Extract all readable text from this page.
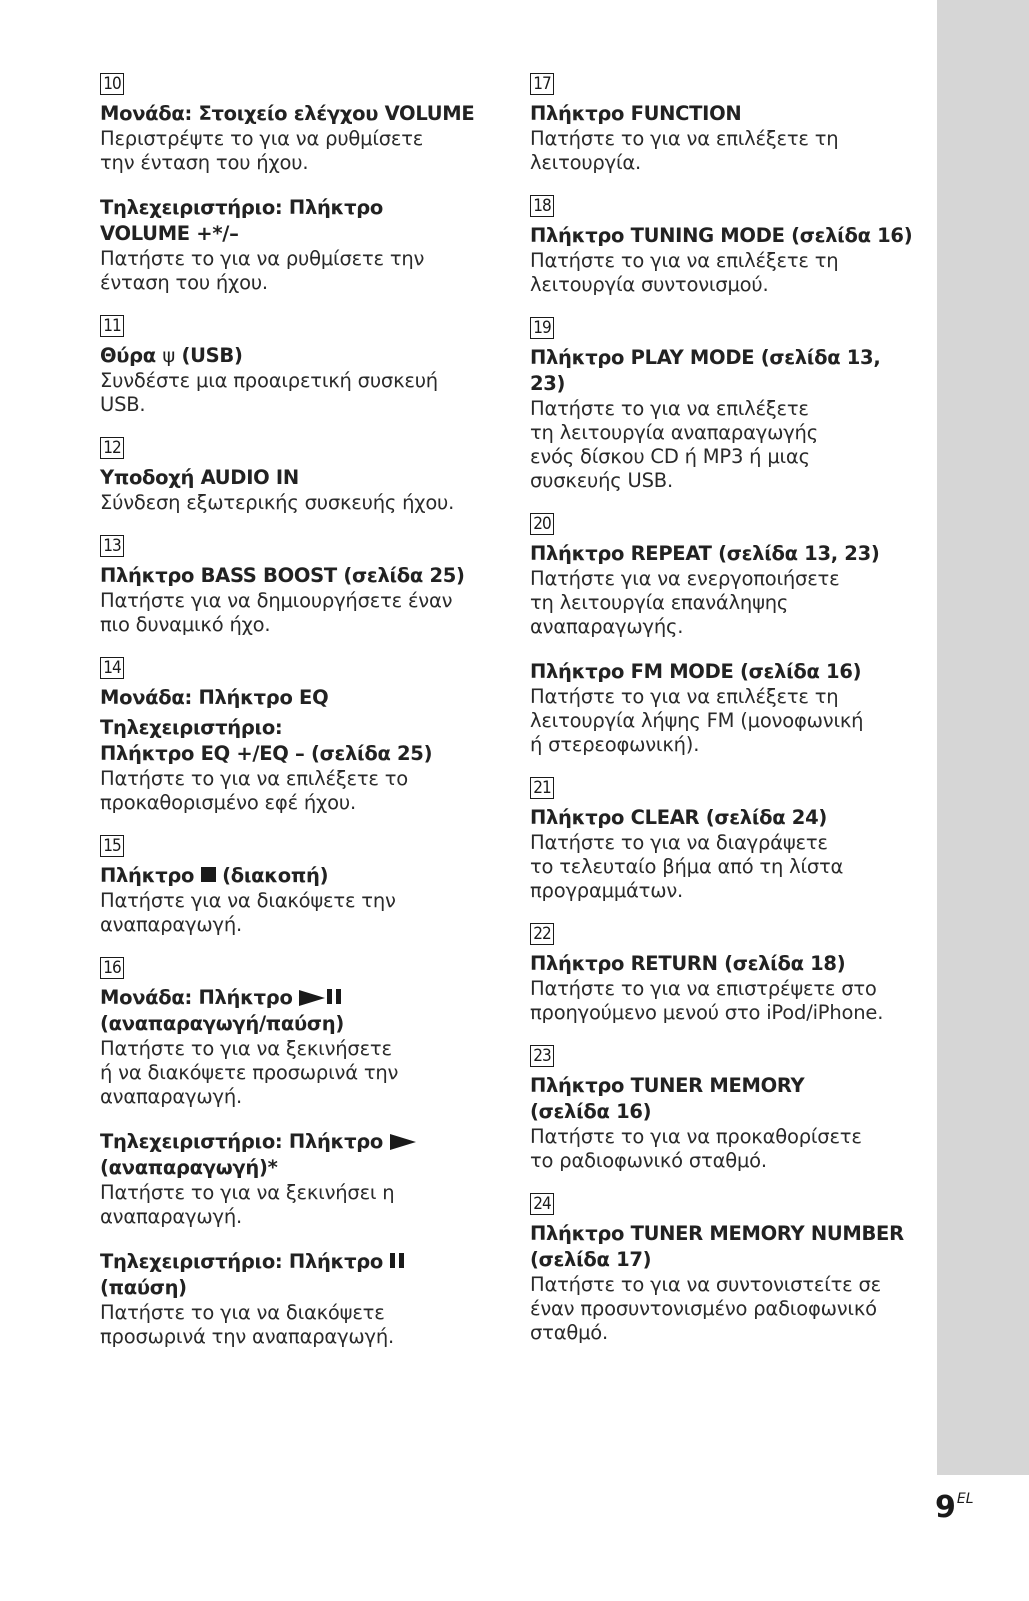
10
Μονάδα: Στοιχείο ελέγχου VOLUME
Περιστρέψτε το για να ρυθμίσετε
την ένταση του ήχου.
Τηλεχειριστήριο: Πλήκτρο
VOLUME +*/–
Πατήστε το για να ρυθμίσετε την
ένταση του ήχου.
11
Θύρα ψ (USB)
Συνδέστε μια προαιρετική συσκευή
USB.
12
Υποδοχή AUDIO IN
Σύνδεση εξωτερικής συσκευής ήχου.
13
Πλήκτρο BASS BOOST (σελίδα 25)
Πατήστε για να δημιουργήσετε έναν
πιο δυναμικό ήχο.
14
Μονάδα: Πλήκτρο EQ
Τηλεχειριστήριο:
Πλήκτρο EQ +/EQ – (σελίδα 25)
Πατήστε το για να επιλέξετε το
προκαθορισμένο εφέ ήχου.
15
Πλήκτρο (διακοπή)
Πατήστε για να διακόψετε την
αναπαραγωγή.
16
Μονάδα: Πλήκτρο
(αναπαραγωγή/παύση)
Πατήστε το για να ξεκινήσετε
ή να διακόψετε προσωρινά την
αναπαραγωγή.
Τηλεχειριστήριο: Πλήκτρο
(αναπαραγωγή)*
Πατήστε το για να ξεκινήσει η
αναπαραγωγή.
Τηλεχειριστήριο: Πλήκτρο
(παύση)
Πατήστε το για να διακόψετε
προσωρινά την αναπαραγωγή.
17
Πλήκτρο FUNCTION
Πατήστε το για να επιλέξετε τη
λειτουργία.
18
Πλήκτρο TUNING MODE (σελίδα 16)
Πατήστε το για να επιλέξετε τη
λειτουργία συντονισμού.
19
Πλήκτρο PLAY MODE (σελίδα 13, 23)
Πατήστε το για να επιλέξετε
τη λειτουργία αναπαραγωγής
ενός δίσκου CD ή MP3 ή μιας
συσκευής USB.
20
Πλήκτρο REPEAT (σελίδα 13, 23)
Πατήστε για να ενεργοποιήσετε
τη λειτουργία επανάληψης
αναπαραγωγής.
Πλήκτρο FM MODE (σελίδα 16)
Πατήστε το για να επιλέξετε τη
λειτουργία λήψης FM (μονοφωνική
ή στερεοφωνική).
21
Πλήκτρο CLEAR (σελίδα 24)
Πατήστε το για να διαγράψετε
το τελευταίο βήμα από τη λίστα
προγραμμάτων.
22
Πλήκτρο RETURN (σελίδα 18)
Πατήστε το για να επιστρέψετε στο
προηγούμενο μενού στο iPod/iPhone.
23
Πλήκτρο TUNER MEMORY
(σελίδα 16)
Πατήστε το για να προκαθορίσετε
το ραδιοφωνικό σταθμό.
24
Πλήκτρο TUNER MEMORY NUMBER
(σελίδα 17)
Πατήστε το για να συντονιστείτε σε
έναν προσυντονισμένο ραδιοφωνικό
σταθμό.
$9^{EL}$
